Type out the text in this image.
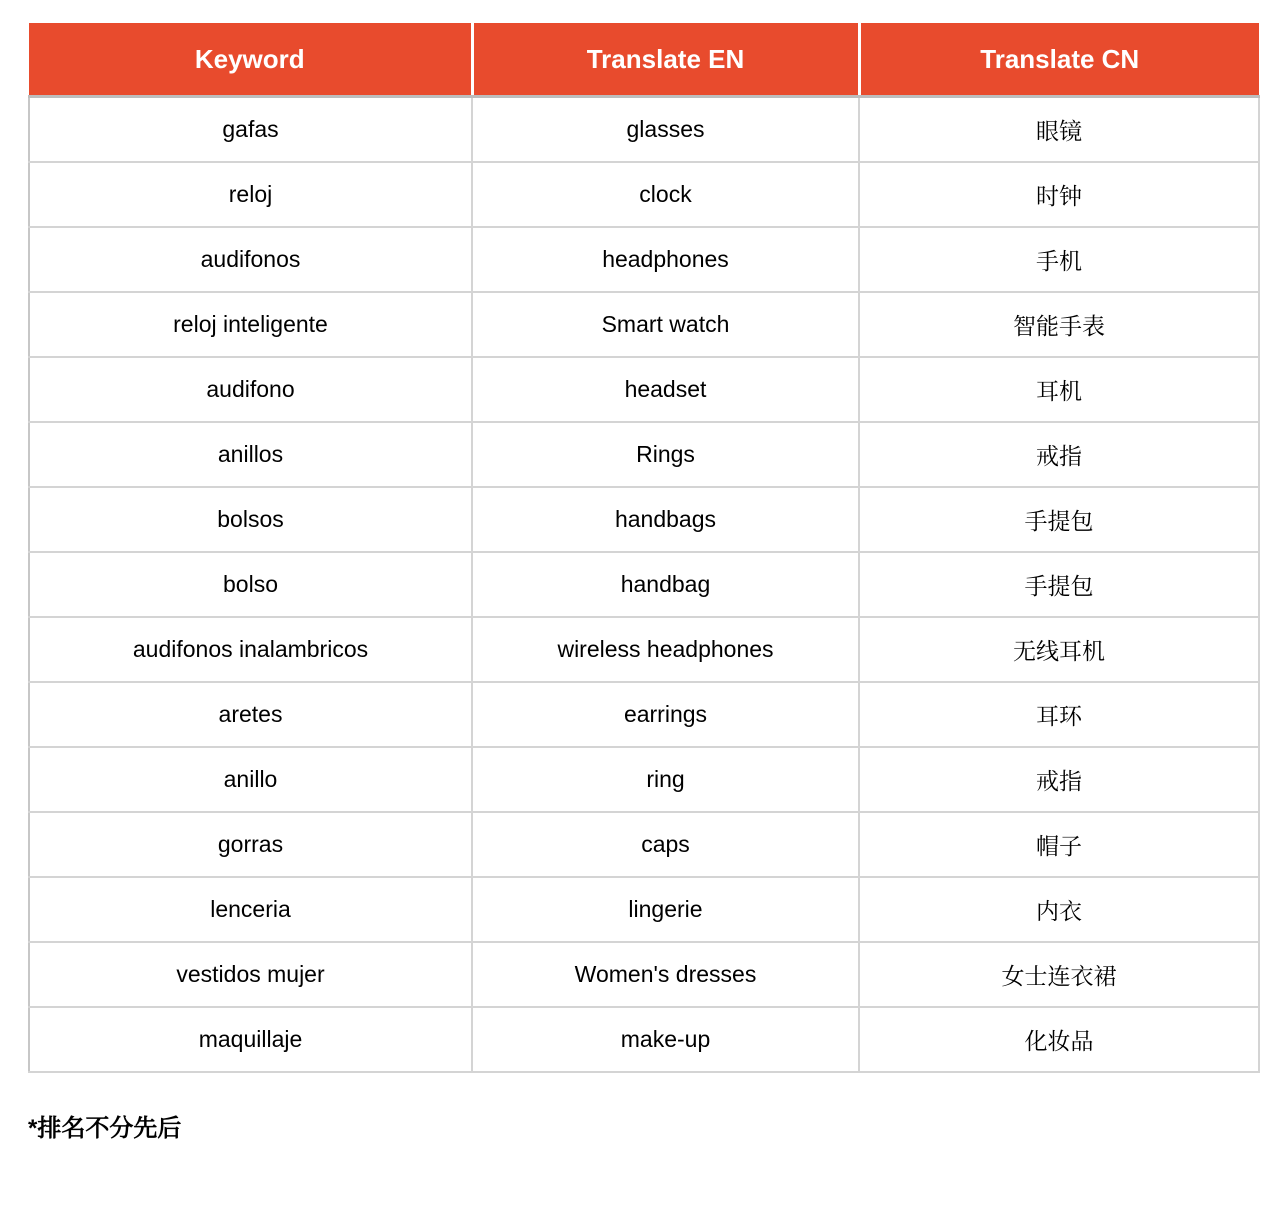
Keyword	Translate EN	Translate CN
gafas	glasses	眼镜
reloj	clock	时钟
audifonos	headphones	手机
reloj inteligente	Smart watch	智能手表
audifono	headset	耳机
anillos	Rings	戒指
bolsos	handbags	手提包
bolso	handbag	手提包
audifonos inalambricos	wireless headphones	无线耳机
aretes	earrings	耳环
anillo	ring	戒指
gorras	caps	帽子
lenceria	lingerie	内衣
vestidos mujer	Women's dresses	女士连衣裙
maquillaje	make-up	化妆品
*排名不分先后
